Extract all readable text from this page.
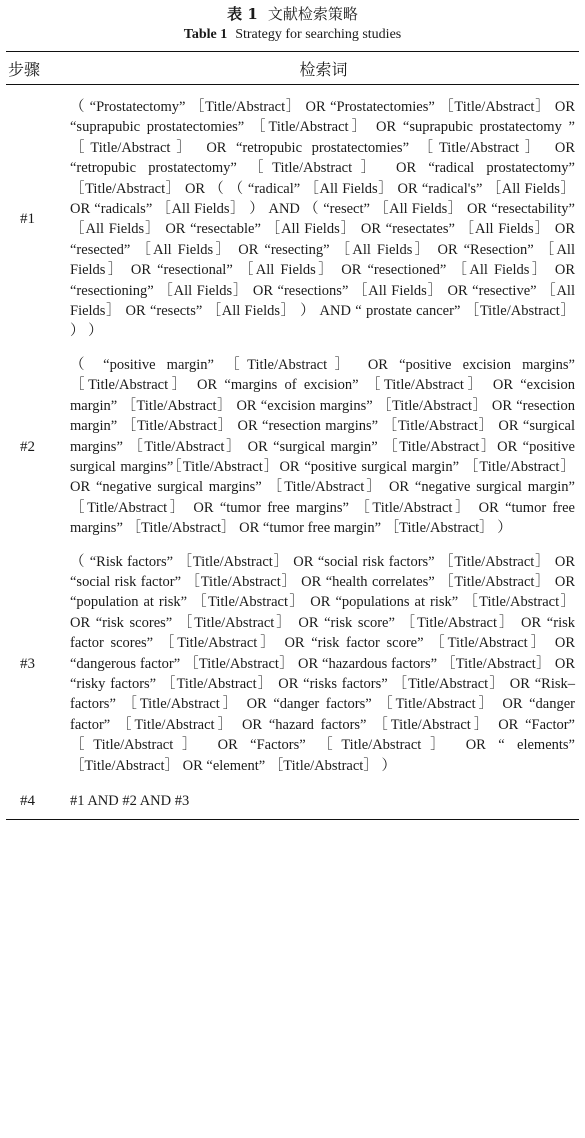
表 1 文献检索策略
Table 1 Strategy for searching studies
步骤	检索词
#1	（ “Prostatectomy” ［Title/Abstract］ OR “Prostatectomies” ［Title/Abstract］ OR “suprapubic prostatectomies” ［Title/Abstract］ OR “suprapubic prostatectomy ” ［Title/Abstract］ OR “retropubic prostatectomies” ［Title/Abstract］ OR “retropubic prostatectomy” ［Title/Abstract］ OR “radical prostatectomy” ［Title/Abstract］ OR （ （ “radical” ［All Fields］ OR “radical's” ［All Fields］ OR “radicals” ［All Fields］ ） AND （ “resect” ［All Fields］ OR “resectability” ［All Fields］ OR “resectable” ［All Fields］ OR “resectates” ［All Fields］ OR “resected” ［All Fields］ OR “resecting” ［All Fields］ OR “Resection” ［All Fields］ OR “resectional” ［All Fields］ OR “resectioned” ［All Fields］ OR “resectioning” ［All Fields］ OR “resections” ［All Fields］ OR “resective” ［All Fields］ OR “resects” ［All Fields］ ） AND “ prostate cancer” ［Title/Abstract］ ） ）
#2	（ “positive margin” ［Title/Abstract］ OR “positive excision margins” ［Title/Abstract］ OR “margins of excision” ［Title/Abstract］ OR “excision margin” ［Title/Abstract］ OR “excision margins” ［Title/Abstract］ OR “resection margin” ［Title/Abstract］ OR “resection margins” ［Title/Abstract］ OR “surgical margins” ［Title/Abstract］ OR “surgical margin” ［Title/Abstract］OR “positive surgical margins”［Title/Abstract］OR “positive surgical margin” ［Title/Abstract］ OR “negative surgical margins” ［Title/Abstract］ OR “negative surgical margin” ［Title/Abstract］ OR “tumor free margins” ［Title/Abstract］ OR “tumor free margins” ［Title/Abstract］ OR “tumor free margin” ［Title/Abstract］ ）
#3	（ “Risk factors” ［Title/Abstract］ OR “social risk factors” ［Title/Abstract］ OR “social risk factor” ［Title/Abstract］ OR “health correlates” ［Title/Abstract］ OR “population at risk” ［Title/Abstract］ OR “populations at risk” ［Title/Abstract］ OR “risk scores” ［Title/Abstract］ OR “risk score” ［Title/Abstract］ OR “risk factor scores” ［Title/Abstract］ OR “risk factor score” ［Title/Abstract］ OR “dangerous factor” ［Title/Abstract］ OR “hazardous factors” ［Title/Abstract］ OR “risky factors” ［Title/Abstract］ OR “risks factors” ［Title/Abstract］ OR “Risk–factors” ［Title/Abstract］ OR “danger factors” ［Title/Abstract］ OR “danger factor” ［Title/Abstract］ OR “hazard factors” ［Title/Abstract］ OR “Factor” ［Title/Abstract］ OR “Factors” ［Title/Abstract］ OR “ elements” ［Title/Abstract］ OR “element” ［Title/Abstract］ ）
#4	#1 AND #2 AND #3
